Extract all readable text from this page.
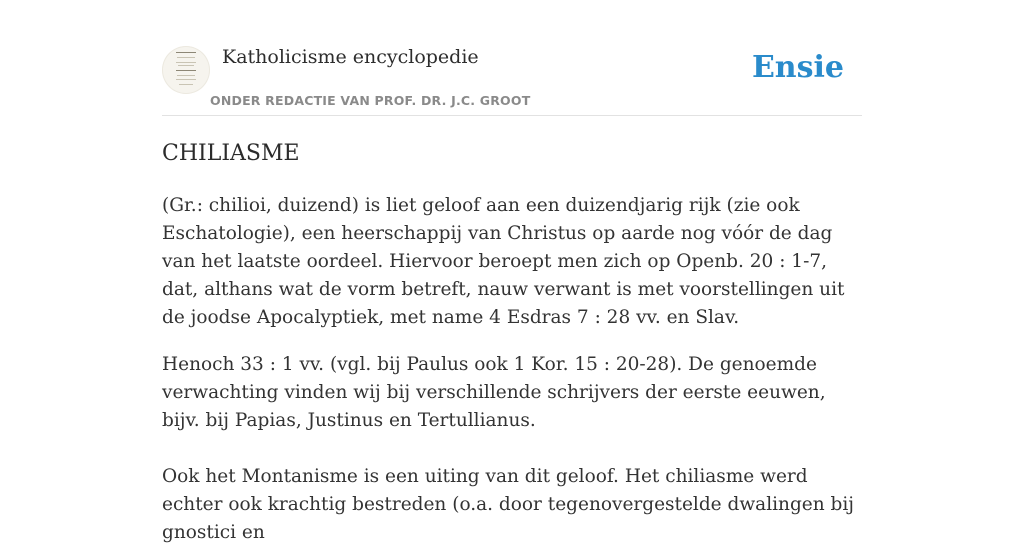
Katholicisme encyclopedie
ONDER REDACTIE VAN PROF. DR. J.C. GROOT
Ensie
CHILIASME

(Gr.: chilioi, duizend) is liet geloof aan een duizendjarig rijk (zie ook Eschatologie), een heerschappij van Christus op aarde nog vóór de dag van het laatste oordeel. Hiervoor beroept men zich op Openb. 20 : 1-7, dat, althans wat de vorm betreft, nauw verwant is met voorstellingen uit de joodse Apocalyptiek, met name 4 Esdras 7 : 28 vv. en Slav.

Henoch 33 : 1 vv. (vgl. bij Paulus ook 1 Kor. 15 : 20-28). De genoemde verwachting vinden wij bij verschillende schrijvers der eerste eeuwen, bijv. bij Papias, Justinus en Tertullianus.

Ook het Montanisme is een uiting van dit geloof. Het chiliasme werd echter ook krachtig bestreden (o.a. door tegenovergestelde dwalingen bij gnostici en
